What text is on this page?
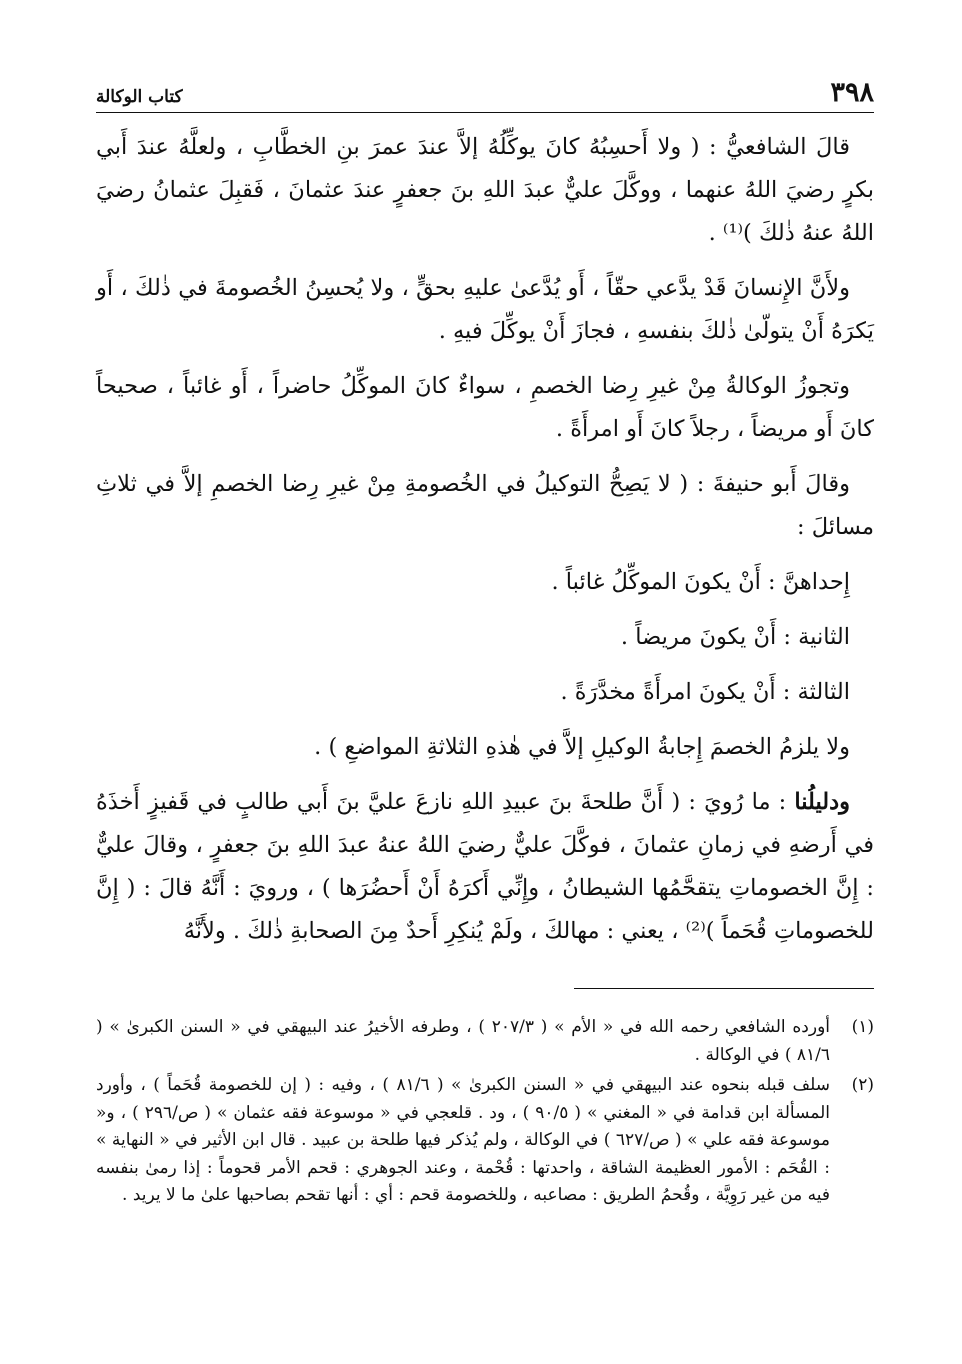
٣٩٨
كتاب الوكالة

قالَ الشافعيُّ : ( ولا أَحسِبُهُ كانَ يوكِّلُهُ إلاَّ عندَ عمرَ بنِ الخطَّابِ ، ولعلَّهُ عندَ أَبي بكرٍ رضيَ اللهُ عنهما ، ووكَّلَ عليٌّ عبدَ اللهِ بنَ جعفرٍ عندَ عثمانَ ، فَقبِلَ عثمانُ رضيَ اللهُ عنهُ ذٰلكَ )⁽¹⁾ .

ولأَنَّ الإِنسانَ قَدْ يدَّعي حقّاً ، أَو يُدَّعىٰ عليهِ بحقٍّ ، ولا يُحسِنُ الخُصومةَ في ذٰلكَ ، أَو يَكرَهُ أَنْ يتولّىٰ ذٰلكَ بنفسهِ ، فجازَ أَنْ يوكِّلَ فيهِ .

وتجوزُ الوكالةُ مِنْ غيرِ رِضا الخصمِ ، سواءٌ كانَ الموكِّلُ حاضراً ، أَو غائباً ، صحيحاً كانَ أَو مريضاً ، رجلاً كانَ أَو امرأَةً .

وقالَ أَبو حنيفةَ : ( لا يَصِحُّ التوكيلُ في الخُصومةِ مِنْ غيرِ رِضا الخصمِ إلاَّ في ثلاثِ مسائلَ :

إِحداهنَّ : أَنْ يكونَ الموكِّلُ غائباً .

الثانية : أَنْ يكونَ مريضاً .

الثالثة : أَنْ يكونَ امرأَةً مخدَّرَةً .

ولا يلزمُ الخصمَ إِجابةُ الوكيلِ إلاَّ في هٰذهِ الثلاثةِ المواضعِ ) .

ودليلُنا : ما رُويَ : ( أَنَّ طلحةَ بنَ عبيدِ اللهِ نازعَ عليَّ بنَ أَبي طالبٍ في قَفيزٍ أَخذَهُ في أَرضهِ في زمانِ عثمانَ ، فوكَّلَ عليٌّ رضيَ اللهُ عنهُ عبدَ اللهِ بنَ جعفرٍ ، وقالَ عليٌّ : إِنَّ الخصوماتِ يتقحَّمُها الشيطانُ ، وإِنِّي أَكرَهُ أَنْ أَحضُرَها ) ، ورويَ : أَنَّهُ قالَ : ( إِنَّ للخصوماتِ قُحَماً )⁽²⁾ ، يعني : مهالكَ ، ولَمْ يُنكِرِ أَحدٌ مِنَ الصحابةِ ذٰلكَ . ولأَنَّهُ

(١)
أورده الشافعي رحمه الله في « الأم » ( ٢٠٧/٣ ) ، وطرفه الأخيرُ عند البيهقي في « السنن الكبرىٰ » ( ٨١/٦ ) في الوكالة .
(٢)
سلف قبله بنحوه عند البيهقي في « السنن الكبرىٰ » ( ٨١/٦ ) ، وفيه : ( إن للخصومة قُحَماً ) ، وأورد المسألة ابن قدامة في « المغني » ( ٩٠/٥ ) ، ود . قلعجي في « موسوعة فقه عثمان » ( ص/٢٩٦ ) ، و« موسوعة فقه علي » ( ص/٦٢٧ ) في الوكالة ، ولم يُذكر فيها طلحة بن عبيد . قال ابن الأثير في « النهاية » : القُحَم : الأمور العظيمة الشاقة ، واحدتها : قُحْمة ، وعند الجوهري : قحم الأمر قحوماً : إذا رمىٰ بنفسه فيه من غير رَوِيَّة ، وقُحمُ الطريق : مصاعبه ، وللخصومة قحم : أي : أنها تقحم بصاحبها علىٰ ما لا يريد .
